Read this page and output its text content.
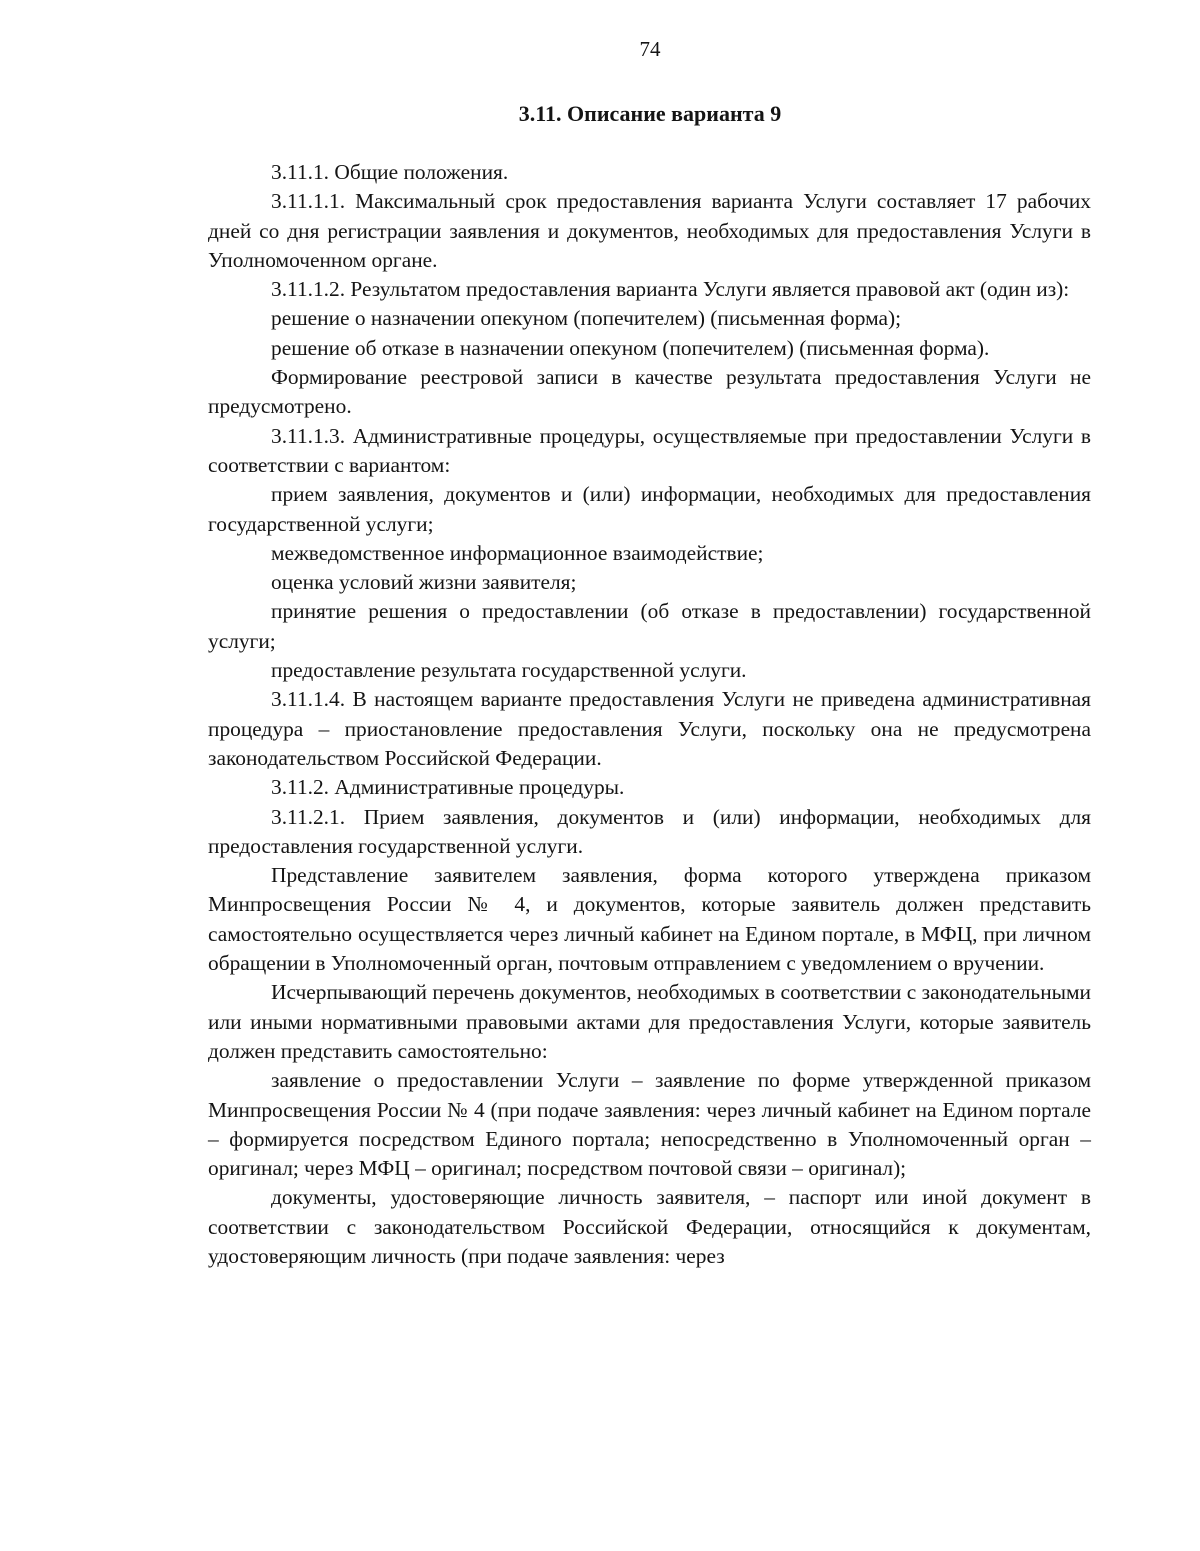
74
3.11. Описание варианта 9

3.11.1. Общие положения.

3.11.1.1. Максимальный срок предоставления варианта Услуги составляет 17 рабочих дней со дня регистрации заявления и документов, необходимых для предоставления Услуги в Уполномоченном органе.

3.11.1.2. Результатом предоставления варианта Услуги является правовой акт (один из):

решение о назначении опекуном (попечителем) (письменная форма);

решение об отказе в назначении опекуном (попечителем) (письменная форма).

Формирование реестровой записи в качестве результата предоставления Услуги не предусмотрено.

3.11.1.3. Административные процедуры, осуществляемые при предоставлении Услуги в соответствии с вариантом:

прием заявления, документов и (или) информации, необходимых для предоставления государственной услуги;

межведомственное информационное взаимодействие;

оценка условий жизни заявителя;

принятие решения о предоставлении (об отказе в предоставлении) государственной услуги;

предоставление результата государственной услуги.

3.11.1.4. В настоящем варианте предоставления Услуги не приведена административная процедура – приостановление предоставления Услуги, поскольку она не предусмотрена законодательством Российской Федерации.

3.11.2. Административные процедуры.

3.11.2.1. Прием заявления, документов и (или) информации, необходимых для предоставления государственной услуги.

Представление заявителем заявления, форма которого утверждена приказом Минпросвещения России № 4, и документов, которые заявитель должен представить самостоятельно осуществляется через личный кабинет на Едином портале, в МФЦ, при личном обращении в Уполномоченный орган, почтовым отправлением с уведомлением о вручении.

Исчерпывающий перечень документов, необходимых в соответствии с законодательными или иными нормативными правовыми актами для предоставления Услуги, которые заявитель должен представить самостоятельно:

заявление о предоставлении Услуги – заявление по форме утвержденной приказом Минпросвещения России № 4 (при подаче заявления: через личный кабинет на Едином портале – формируется посредством Единого портала; непосредственно в Уполномоченный орган – оригинал; через МФЦ – оригинал; посредством почтовой связи – оригинал);

документы, удостоверяющие личность заявителя, – паспорт или иной документ в соответствии с законодательством Российской Федерации, относящийся к документам, удостоверяющим личность (при подаче заявления: через
